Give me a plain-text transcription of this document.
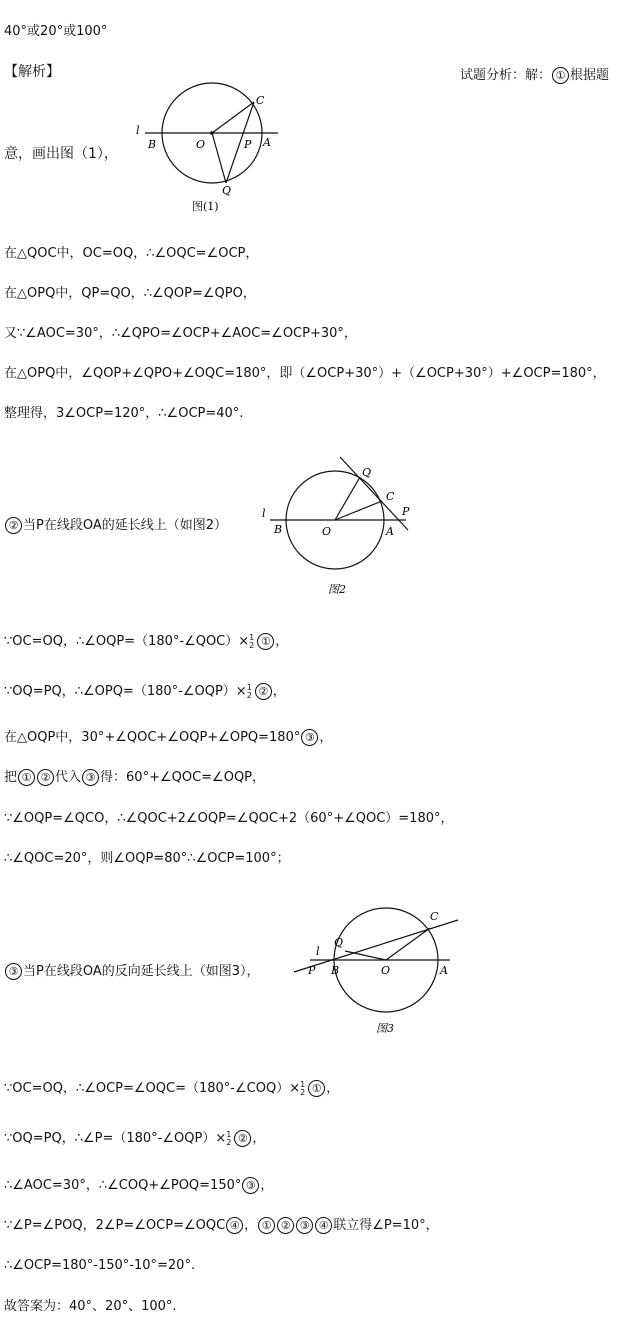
40°或20°或100°
【解析】	试题分析：解： ① 根据题
意，画出图（1），
l
B	O	P A
C
Q
图(1)
在△QOC中，OC=OQ，∴∠OQC=∠OCP，
在△OPQ中，QP=QO，∴∠QOP=∠QPO，
又∵∠AOC=30°，∴∠QPO=∠OCP+∠AOC=∠OCP+30°，
在△OPQ中，∠QOP+∠QPO+∠OQC=180°，即（∠OCP+30°）+（∠OCP+30°）+∠OCP=180°，
整理得，3∠OCP=120°，∴∠OCP=40°.
② 当P在线段OA的延长线上（如图2）
l
B	O	A
P
C
Q
图2
∵OC=OQ，∴∠OQP=（180°-∠QOC）× 1
2 ① ，
∵OQ=PQ，∴∠OPQ=（180°-∠OQP）× 1
2 ② ，
在△OQP中，30°+∠QOC+∠OQP+∠OPQ=180° ③ ，
把 ① ② 代入 ③ 得：60°+∠QOC=∠OQP，
∵∠OQP=∠QCO，∴∠QOC+2∠OQP=∠QOC+2（60°+∠QOC）=180°，
∴∠QOC=20°，则∠OQP=80°∴∠OCP=100°；
③ 当P在线段OA的反向延长线上（如图3），
l
P B	O	A
C
Q
图3
∵OC=OQ，∴∠OCP=∠OQC=（180°-∠COQ）× 1
2 ① ，
∵OQ=PQ，∴∠P=（180°-∠OQP）× 1
2 ② ，
∴∠AOC=30°，∴∠COQ+∠POQ=150° ③ ，
∵∠P=∠POQ，2∠P=∠OCP=∠OQC ④ ， ① ② ③ ④ 联立得∠P=10°，
∴∠OCP=180°-150°-10°=20°.
故答案为：40°、20°、100°.
